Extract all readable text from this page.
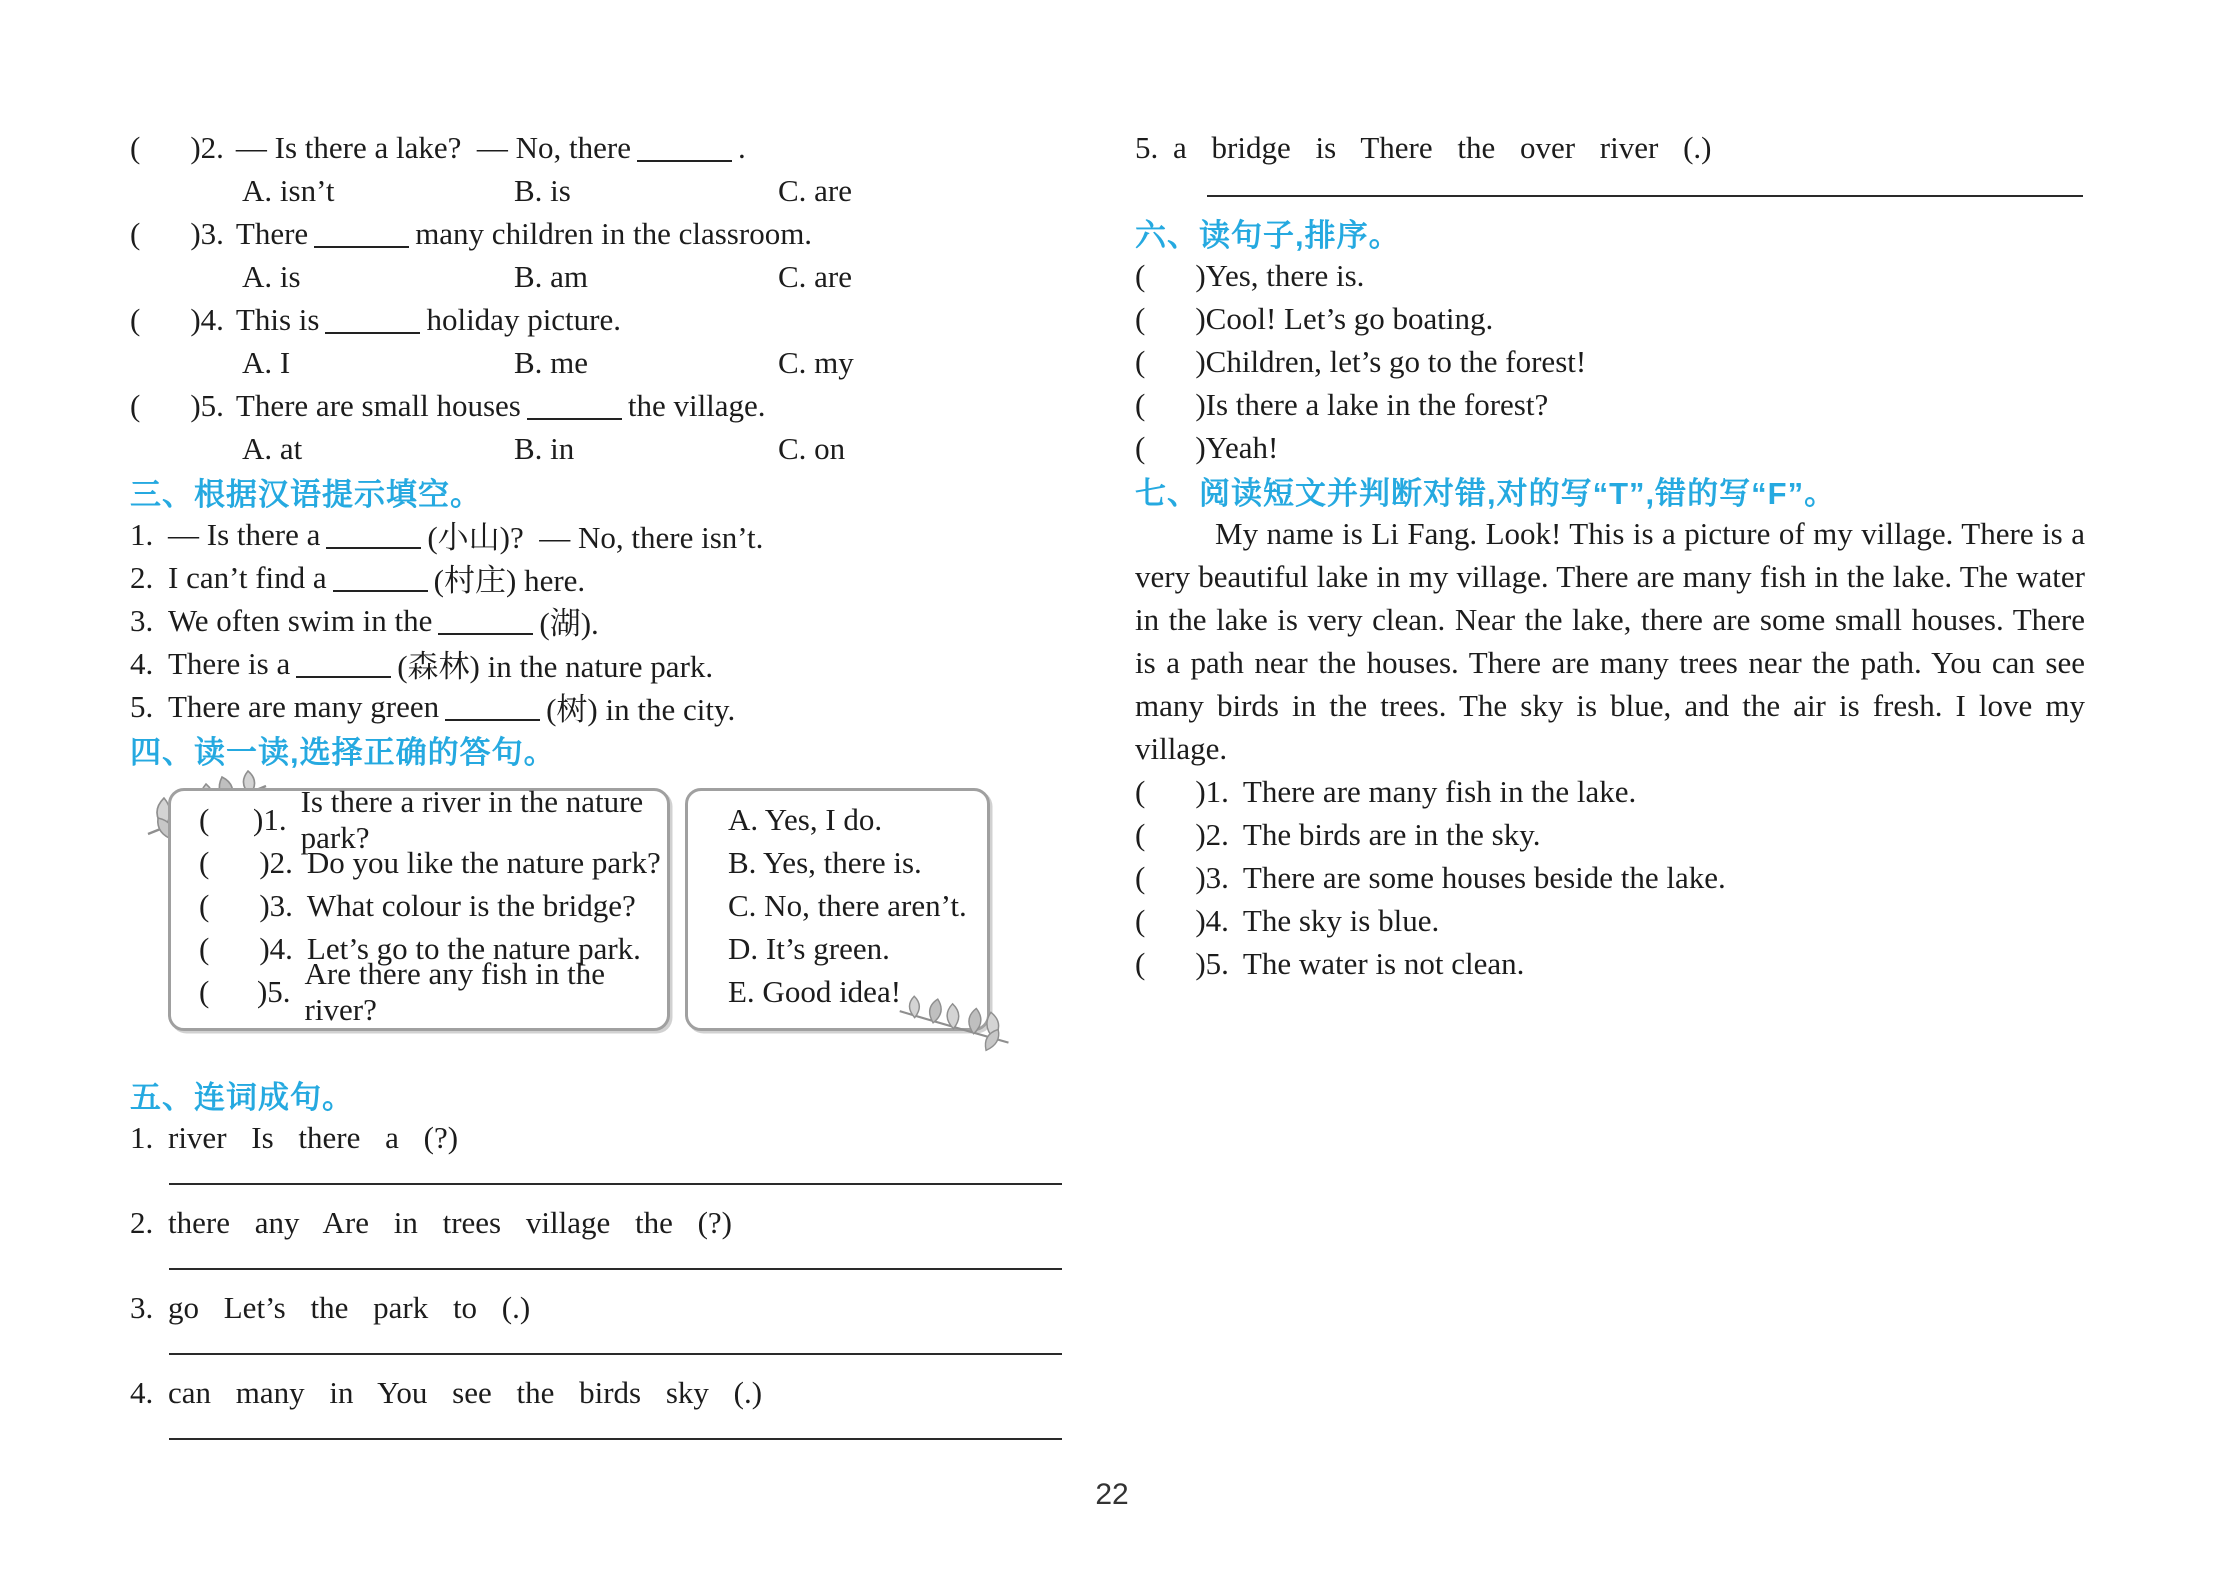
( )2. — Is there a lake?  — No, there	.
A. isn’t	B. is	C. are
( )3. There	many children in the classroom.
A. is	B. am	C. are
( )4. This is	holiday picture.
A. I	B. me	C. my
( )5. There are small houses	the village.
A. at	B. in	C. on
三、根据汉语提示填空。
1. — Is there a	(小山)?  — No, there isn’t.
2. I can’t find a	(村庄) here.
3. We often swim in the	(湖).
4. There is a	(森林) in the nature park.
5. There are many green	(树) in the city.
四、读一读,选择正确的答句。
( )1.
Is there a river in the nature park?
( )2. Do you like the nature park?
( )3. What colour is the bridge?
( )4. Let’s go to the nature park.
( )5.
Are there any fish in the river?
A. Yes, I do.
B. Yes, there is.
C. No, there aren’t.
D. It’s green.
E. Good idea!
五、连词成句。
1. river Is there a (?)
2. there any Are in trees village the (?)
3. go Let’s the park to (.)
4. can many in You see the birds sky (.)
5. a bridge is There the over river (.)
六、读句子,排序。
( ) Yes, there is.
( ) Cool! Let’s go boating.
( ) Children, let’s go to the forest!
( ) Is there a lake in the forest?
( ) Yeah!
七、阅读短文并判断对错,对的写“T”,错的写“F”。
My name is Li Fang. Look! This is a picture of my village. There is a very beautiful lake in my village. There are many fish in the lake. The water in the lake is very clean. Near the lake, there are some small houses. There is a path near the houses. There are many trees near the path. You can see many birds in the trees. The sky is blue, and the air is fresh. I love my village.
( )1. There are many fish in the lake.
( )2. The birds are in the sky.
( )3. There are some houses beside the lake.
( )4. The sky is blue.
( )5. The water is not clean.
22
